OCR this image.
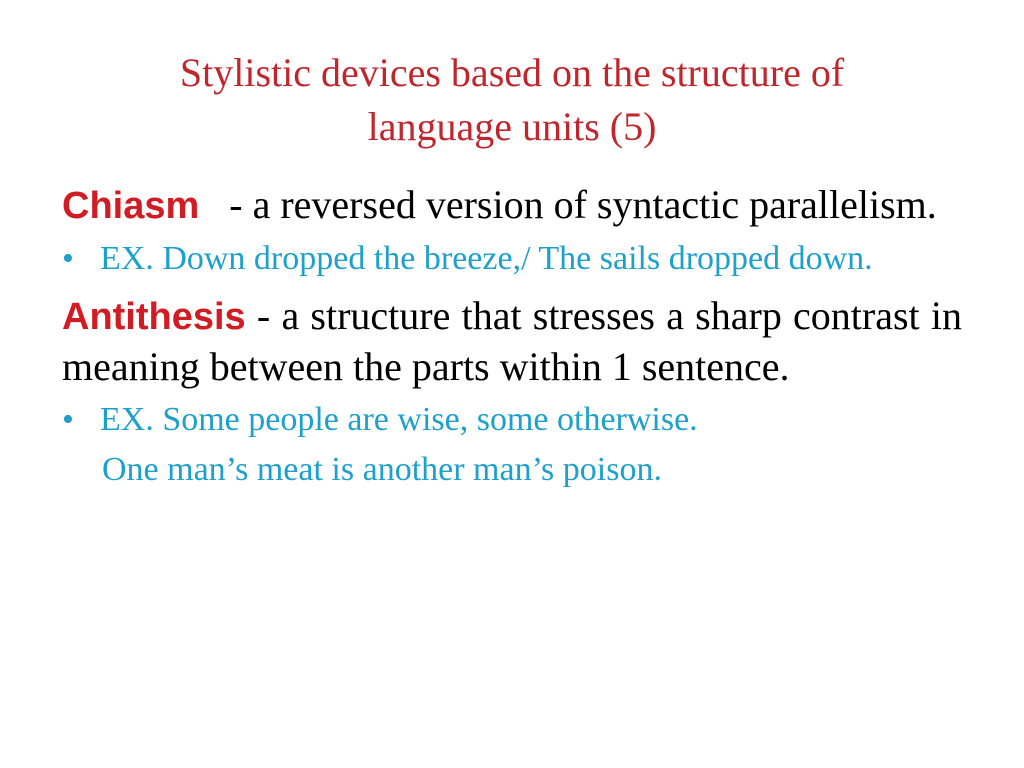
Stylistic devices based on the structure of
language units (5)

Chiasm   - a reversed version of syntactic parallelism.

• EX. Down dropped the breeze,/ The sails dropped down.

Antithesis - a structure that stresses a sharp contrast in meaning between the parts within 1 sentence.

• EX. Some people are wise, some otherwise.
One man’s meat is another man’s poison.
